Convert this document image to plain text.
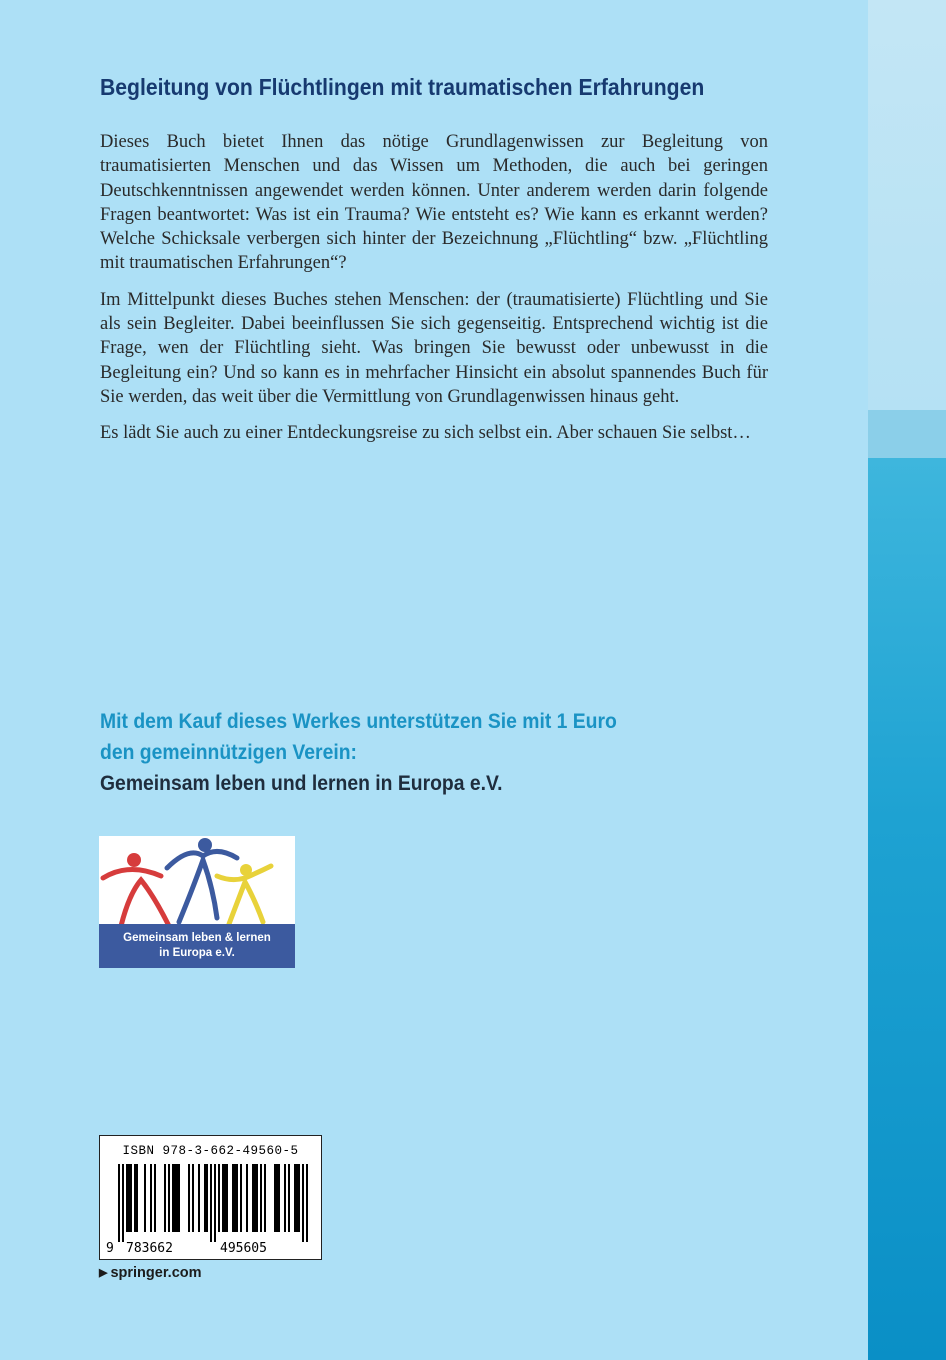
Begleitung von Flüchtlingen mit traumatischen Erfahrungen

Dieses Buch bietet Ihnen das nötige Grundlagenwissen zur Begleitung von traumatisierten Menschen und das Wissen um Methoden, die auch bei geringen Deutschkenntnissen angewendet werden können. Unter anderem werden darin folgende Fragen beantwortet: Was ist ein Trauma? Wie entsteht es? Wie kann es erkannt werden? Welche Schicksale verbergen sich hinter der Bezeichnung „Flüchtling“ bzw. „Flüchtling mit traumatischen Erfahrungen“?

Im Mittelpunkt dieses Buches stehen Menschen: der (traumatisierte) Flüchtling und Sie als sein Begleiter. Dabei beeinflussen Sie sich gegenseitig. Entsprechend wichtig ist die Frage, wen der Flüchtling sieht. Was bringen Sie bewusst oder unbewusst in die Begleitung ein? Und so kann es in mehrfacher Hinsicht ein absolut spannendes Buch für Sie werden, das weit über die Vermittlung von Grundlagenwissen hinaus geht.

Es lädt Sie auch zu einer Entdeckungsreise zu sich selbst ein. Aber schauen Sie selbst…

Mit dem Kauf dieses Werkes unterstützen Sie mit 1 Euro
den gemeinnützigen Verein:
Gemeinsam leben und lernen in Europa e.V.
Gemeinsam leben & lernen
in Europa e.V.
ISBN 978-3-662-49560-5
9 783662	495605
▶ springer.com
